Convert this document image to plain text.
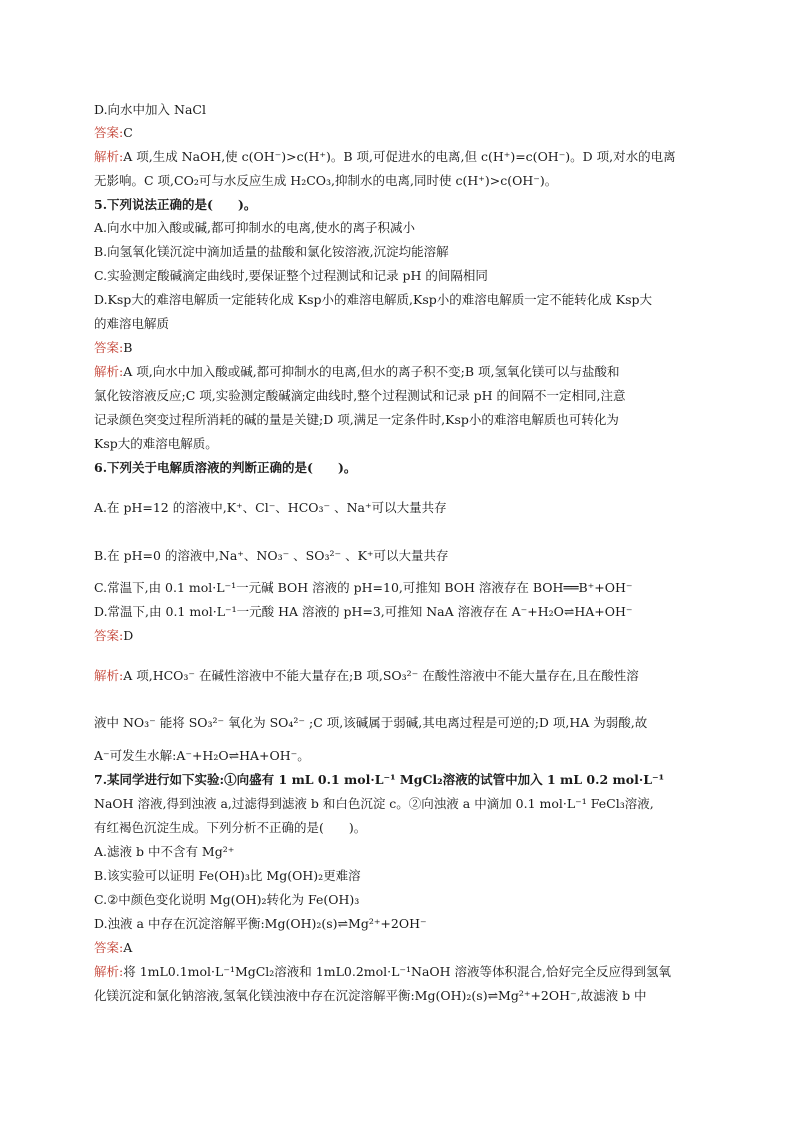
D.向水中加入 NaCl
答案:C
解析:A 项,生成 NaOH,使 c(OH⁻)>c(H⁺)。B 项,可促进水的电离,但 c(H⁺)=c(OH⁻)。D 项,对水的电离
无影响。C 项,CO₂可与水反应生成 H₂CO₃,抑制水的电离,同时使 c(H⁺)>c(OH⁻)。
5.下列说法正确的是(　　)。
A.向水中加入酸或碱,都可抑制水的电离,使水的离子积减小
B.向氢氧化镁沉淀中滴加适量的盐酸和氯化铵溶液,沉淀均能溶解
C.实验测定酸碱滴定曲线时,要保证整个过程测试和记录 pH 的间隔相同
D.Ksp大的难溶电解质一定能转化成 Ksp小的难溶电解质,Ksp小的难溶电解质一定不能转化成 Ksp大
的难溶电解质
答案:B
解析:A 项,向水中加入酸或碱,都可抑制水的电离,但水的离子积不变;B 项,氢氧化镁可以与盐酸和
氯化铵溶液反应;C 项,实验测定酸碱滴定曲线时,整个过程测试和记录 pH 的间隔不一定相同,注意
记录颜色突变过程所消耗的碱的量是关键;D 项,满足一定条件时,Ksp小的难溶电解质也可转化为
Ksp大的难溶电解质。
6.下列关于电解质溶液的判断正确的是(　　)。
A.在 pH=12 的溶液中,K⁺、Cl⁻、HCO₃⁻ 、Na⁺可以大量共存
B.在 pH=0 的溶液中,Na⁺、NO₃⁻ 、SO₃²⁻ 、K⁺可以大量共存
C.常温下,由 0.1 mol·L⁻¹一元碱 BOH 溶液的 pH=10,可推知 BOH 溶液存在 BOH══B⁺+OH⁻
D.常温下,由 0.1 mol·L⁻¹一元酸 HA 溶液的 pH=3,可推知 NaA 溶液存在 A⁻+H₂O⇌HA+OH⁻
答案:D
解析:A 项,HCO₃⁻ 在碱性溶液中不能大量存在;B 项,SO₃²⁻ 在酸性溶液中不能大量存在,且在酸性溶
液中 NO₃⁻ 能将 SO₃²⁻ 氧化为 SO₄²⁻ ;C 项,该碱属于弱碱,其电离过程是可逆的;D 项,HA 为弱酸,故
A⁻可发生水解:A⁻+H₂O⇌HA+OH⁻。
7.某同学进行如下实验:①向盛有 1 mL 0.1 mol·L⁻¹ MgCl₂溶液的试管中加入 1 mL 0.2 mol·L⁻¹
NaOH 溶液,得到浊液 a,过滤得到滤液 b 和白色沉淀 c。②向浊液 a 中滴加 0.1 mol·L⁻¹ FeCl₃溶液,
有红褐色沉淀生成。下列分析不正确的是(　　)。
A.滤液 b 中不含有 Mg²⁺
B.该实验可以证明 Fe(OH)₃比 Mg(OH)₂更难溶
C.②中颜色变化说明 Mg(OH)₂转化为 Fe(OH)₃
D.浊液 a 中存在沉淀溶解平衡:Mg(OH)₂(s)⇌Mg²⁺+2OH⁻
答案:A
解析:将 1mL0.1mol·L⁻¹MgCl₂溶液和 1mL0.2mol·L⁻¹NaOH 溶液等体积混合,恰好完全反应得到氢氧
化镁沉淀和氯化钠溶液,氢氧化镁浊液中存在沉淀溶解平衡:Mg(OH)₂(s)⇌Mg²⁺+2OH⁻,故滤液 b 中
